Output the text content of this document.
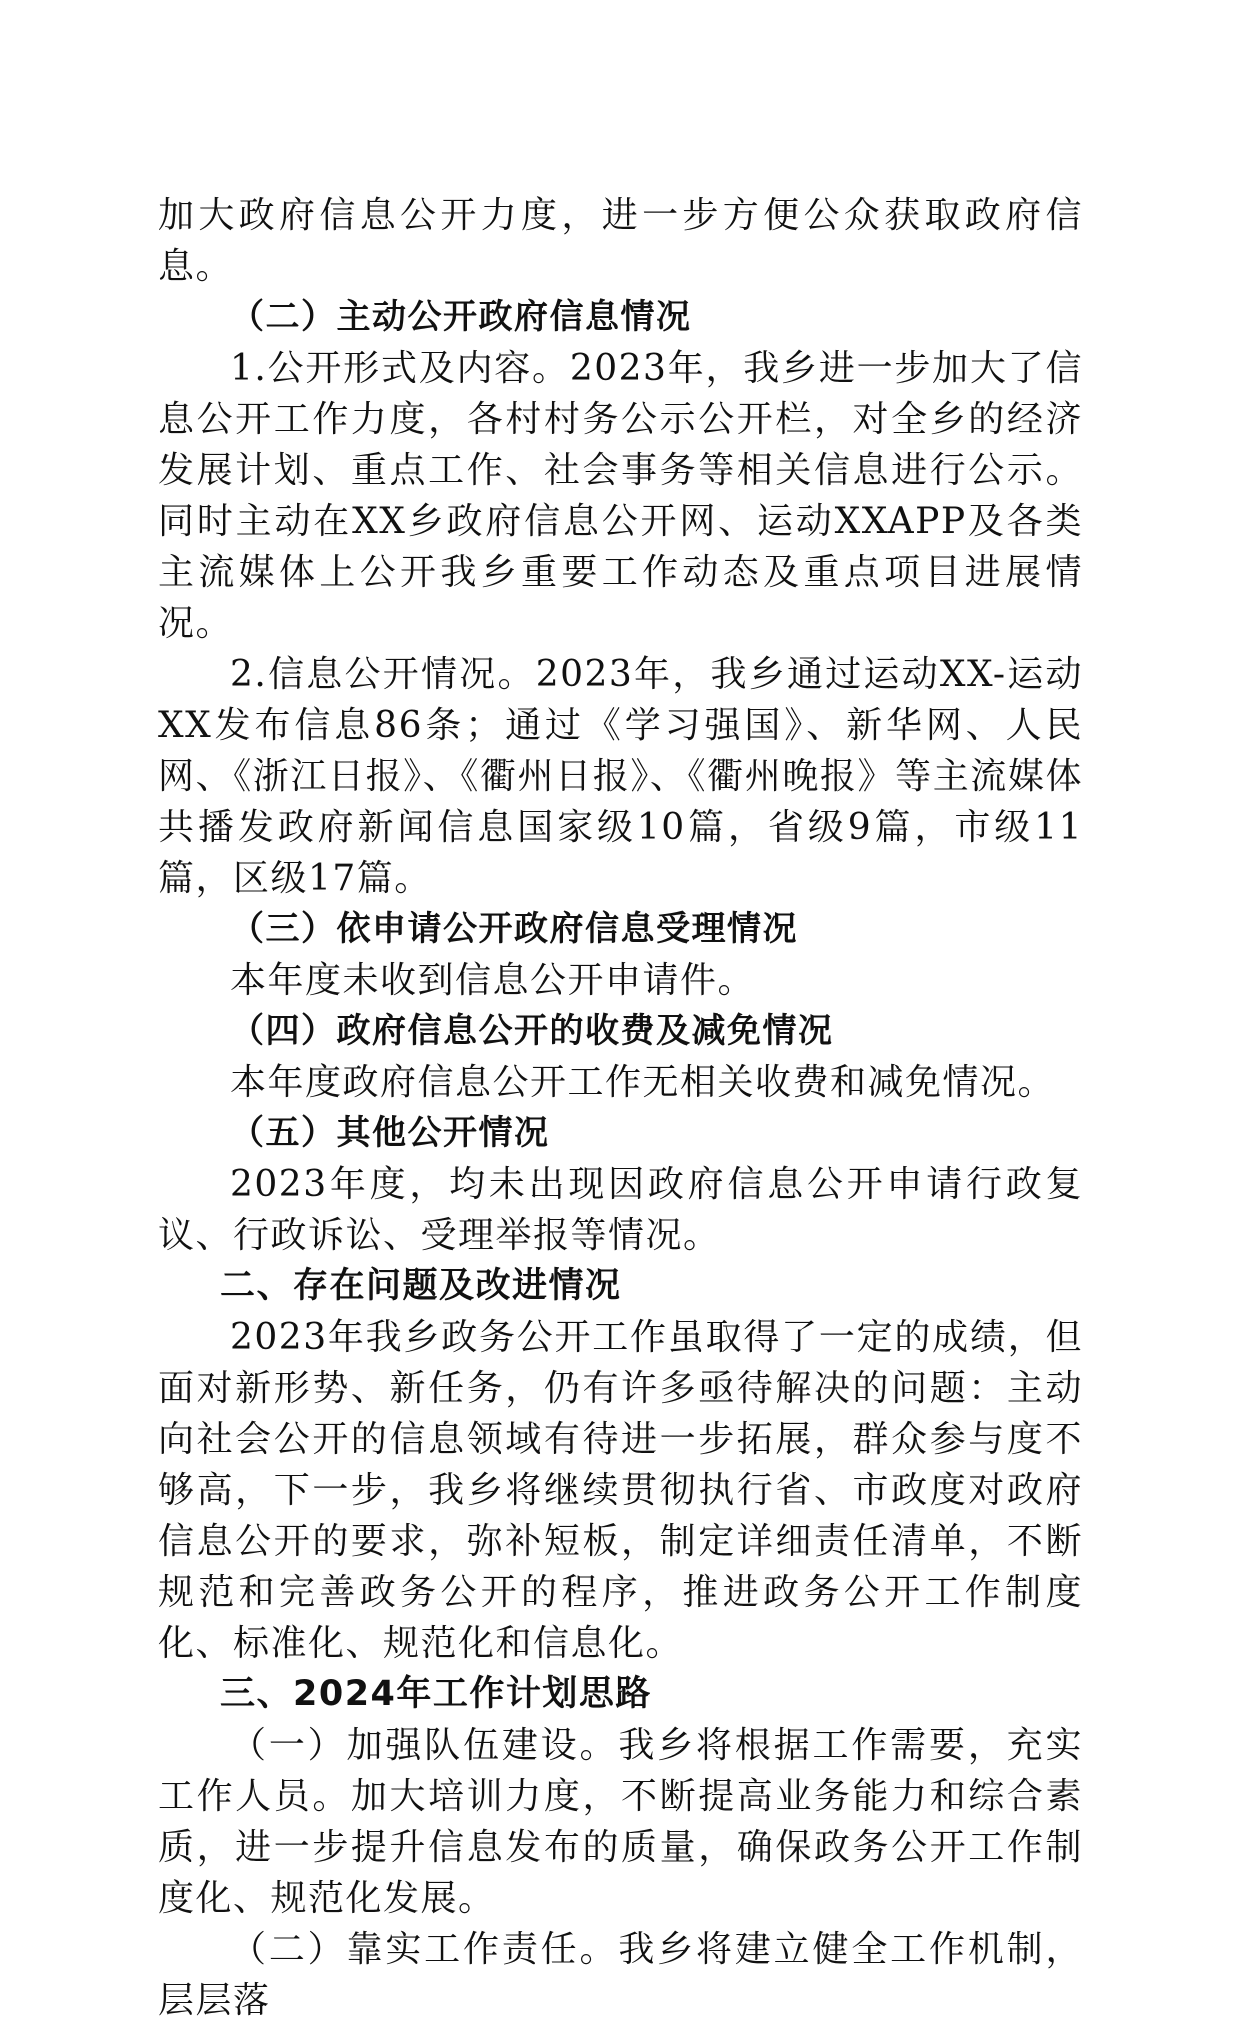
加大政府信息公开力度，进一步方便公众获取政府信息。

（二）主动公开政府信息情况

1.公开形式及内容。2023年，我乡进一步加大了信息公开工作力度，各村村务公示公开栏，对全乡的经济发展计划、重点工作、社会事务等相关信息进行公示。同时主动在XX乡政府信息公开网、运动XXAPP及各类主流媒体上公开我乡重要工作动态及重点项目进展情况。

2.信息公开情况。2023年，我乡通过运动XX-运动XX发布信息86条；通过《学习强国》、新华网、人民网、《浙江日报》、《衢州日报》、《衢州晚报》等主流媒体共播发政府新闻信息国家级10篇，省级9篇，市级11篇，区级17篇。

（三）依申请公开政府信息受理情况

本年度未收到信息公开申请件。

（四）政府信息公开的收费及减免情况

本年度政府信息公开工作无相关收费和减免情况。

（五）其他公开情况

2023年度，均未出现因政府信息公开申请行政复议、行政诉讼、受理举报等情况。

二、存在问题及改进情况

2023年我乡政务公开工作虽取得了一定的成绩，但面对新形势、新任务，仍有许多亟待解决的问题：主动向社会公开的信息领域有待进一步拓展，群众参与度不够高，下一步，我乡将继续贯彻执行省、市政度对政府信息公开的要求，弥补短板，制定详细责任清单，不断规范和完善政务公开的程序，推进政务公开工作制度化、标准化、规范化和信息化。

三、2024年工作计划思路

（一）加强队伍建设。我乡将根据工作需要，充实工作人员。加大培训力度，不断提高业务能力和综合素质，进一步提升信息发布的质量，确保政务公开工作制度化、规范化发展。

（二）靠实工作责任。我乡将建立健全工作机制，层层落
